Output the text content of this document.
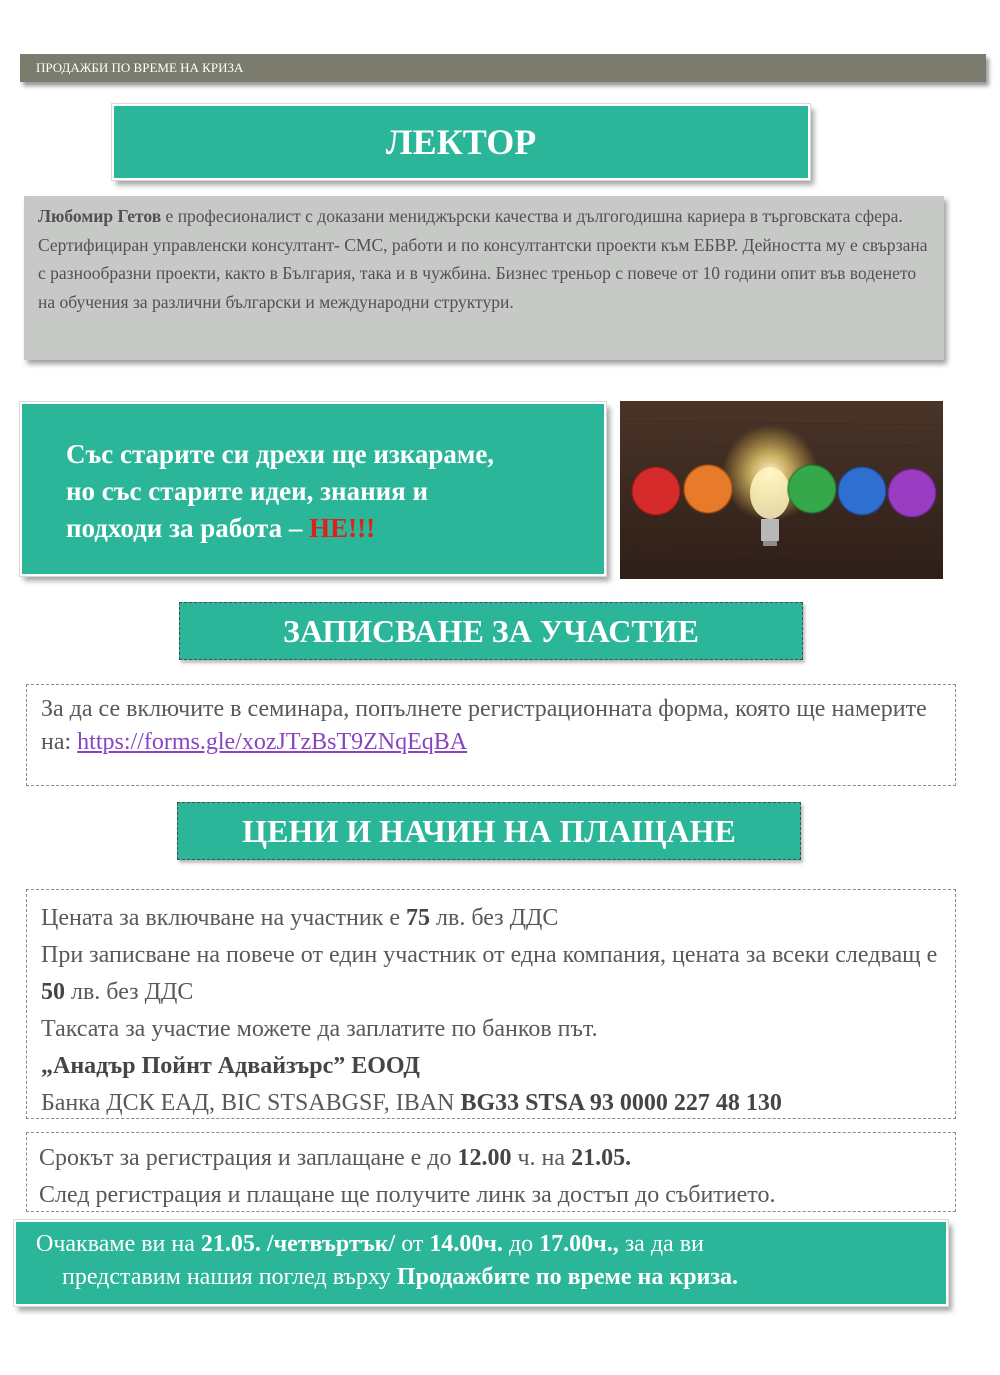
ПРОДАЖБИ ПО ВРЕМЕ НА КРИЗА
ЛЕКТОР
Любомир Гетов е професионалист с доказани мениджърски качества и дългогодишна кариера в търговската сфера. Сертифициран управленски консултант- СМС, работи и по консултантски проекти към ЕБВР. Дейността му е свързана с разнообразни проекти, както в България, така и в чужбина. Бизнес треньор с повече от 10 години опит във воденето на обучения за различни български и международни структури.
Със старите си дрехи ще изкараме,
но със старите идеи, знания и
подходи за работа – НЕ!!!
ЗАПИСВАНЕ ЗА УЧАСТИЕ
За да се включите в семинара, попълнете регистрационната форма, която ще намерите на: https://forms.gle/xozJTzBsT9ZNqEqBA
ЦЕНИ И НАЧИН НА ПЛАЩАНЕ
Цената за включване на участник е 75 лв. без ДДС
При записване на повече от един участник от една компания, цената за всеки следващ е 50 лв. без ДДС
Таксата за участие можете да заплатите по банков път.
„Анадър Пойнт Адвайзърс” ЕООД
Банка ДСК ЕАД, BIC STSABGSF, IBAN BG33 STSA 93 0000 227 48 130
Срокът за регистрация и заплащане е до 12.00 ч. на 21.05.
След регистрация и плащане ще получите линк за достъп до събитието.
Очакваме ви на 21.05. /четвъртък/ от 14.00ч. до 17.00ч., за да ви
представим нашия поглед върху Продажбите по време на криза.
